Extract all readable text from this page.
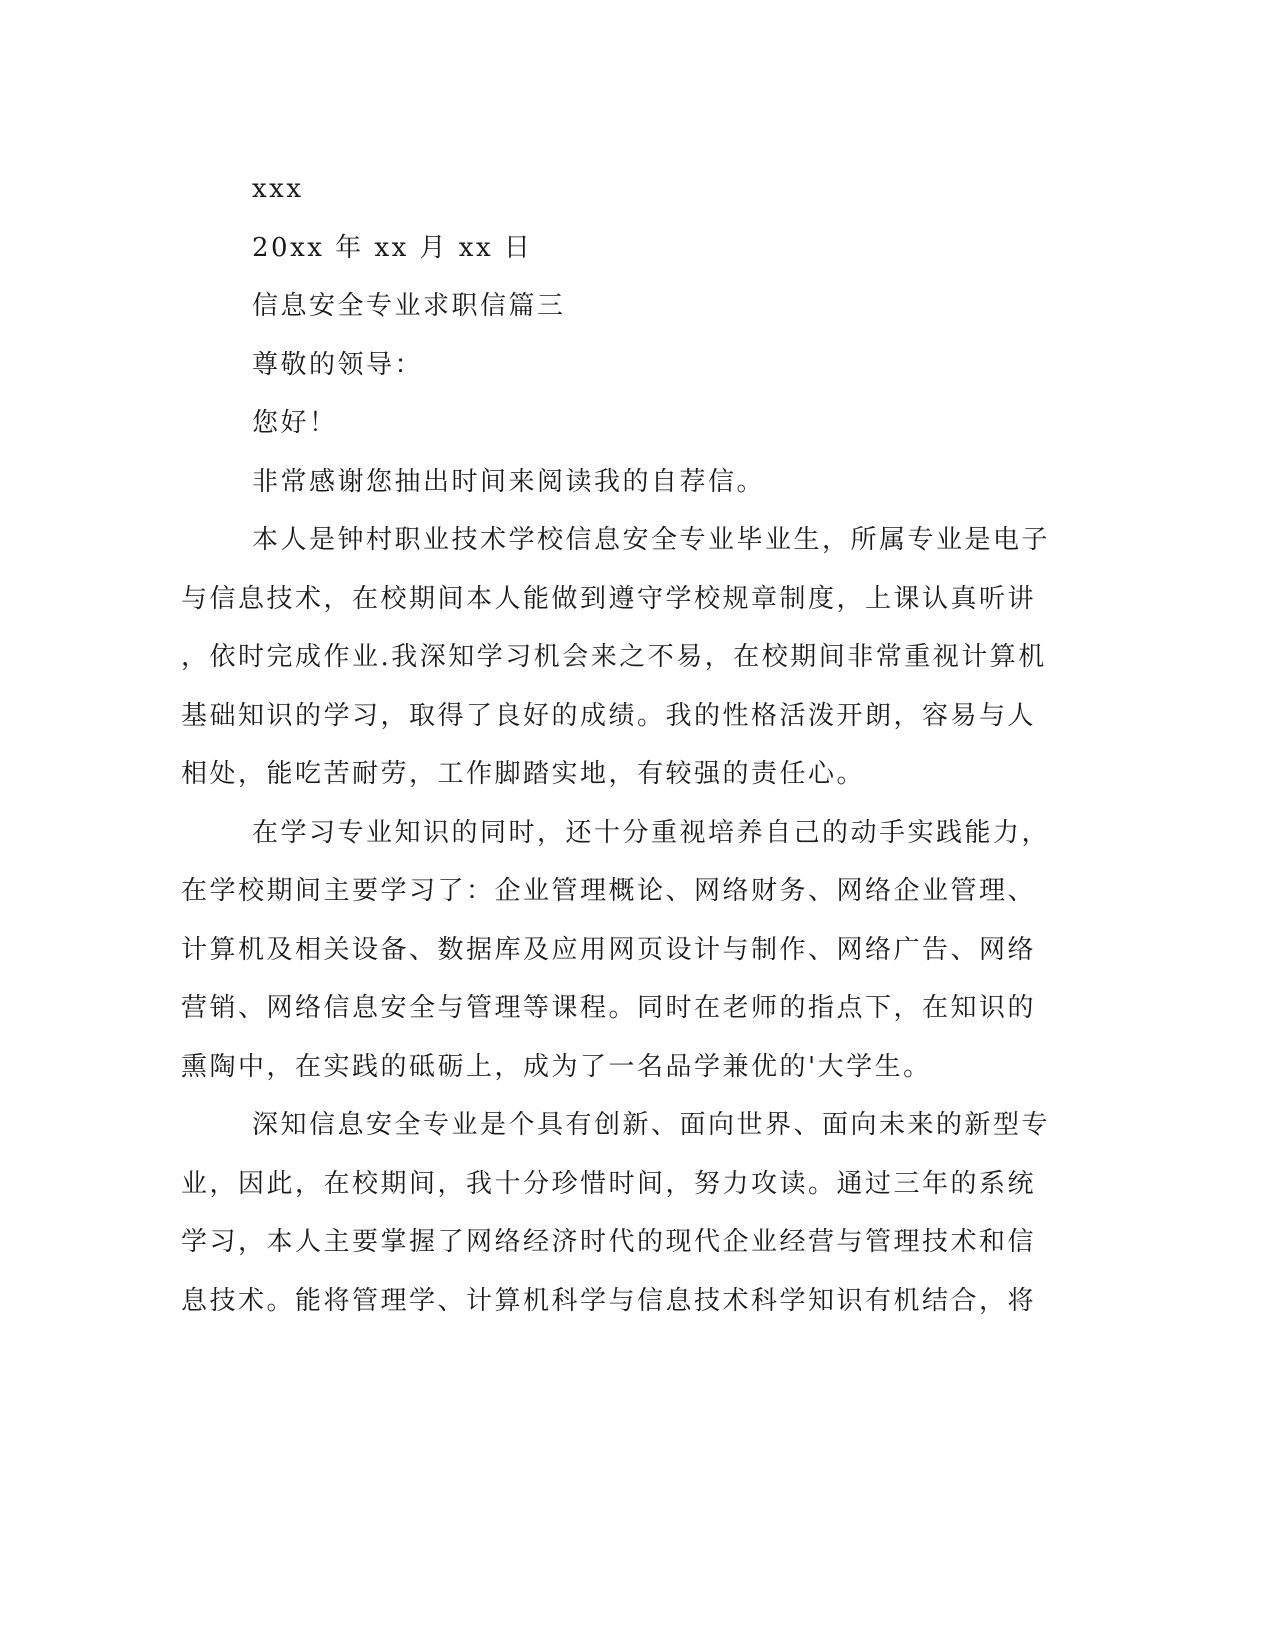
xxx

20xx 年 xx 月 xx 日

信息安全专业求职信篇三

尊敬的领导：

您好！

非常感谢您抽出时间来阅读我的自荐信。

本人是钟村职业技术学校信息安全专业毕业生，所属专业是电子

与信息技术，在校期间本人能做到遵守学校规章制度，上课认真听讲

，依时完成作业.我深知学习机会来之不易，在校期间非常重视计算机

基础知识的学习，取得了良好的成绩。我的性格活泼开朗，容易与人

相处，能吃苦耐劳，工作脚踏实地，有较强的责任心。

在学习专业知识的同时，还十分重视培养自己的动手实践能力，

在学校期间主要学习了：企业管理概论、网络财务、网络企业管理、

计算机及相关设备、数据库及应用网页设计与制作、网络广告、网络

营销、网络信息安全与管理等课程。同时在老师的指点下，在知识的

熏陶中，在实践的砥砺上，成为了一名品学兼优的'大学生。

深知信息安全专业是个具有创新、面向世界、面向未来的新型专

业，因此，在校期间，我十分珍惜时间，努力攻读。通过三年的系统

学习，本人主要掌握了网络经济时代的现代企业经营与管理技术和信

息技术。能将管理学、计算机科学与信息技术科学知识有机结合，将
